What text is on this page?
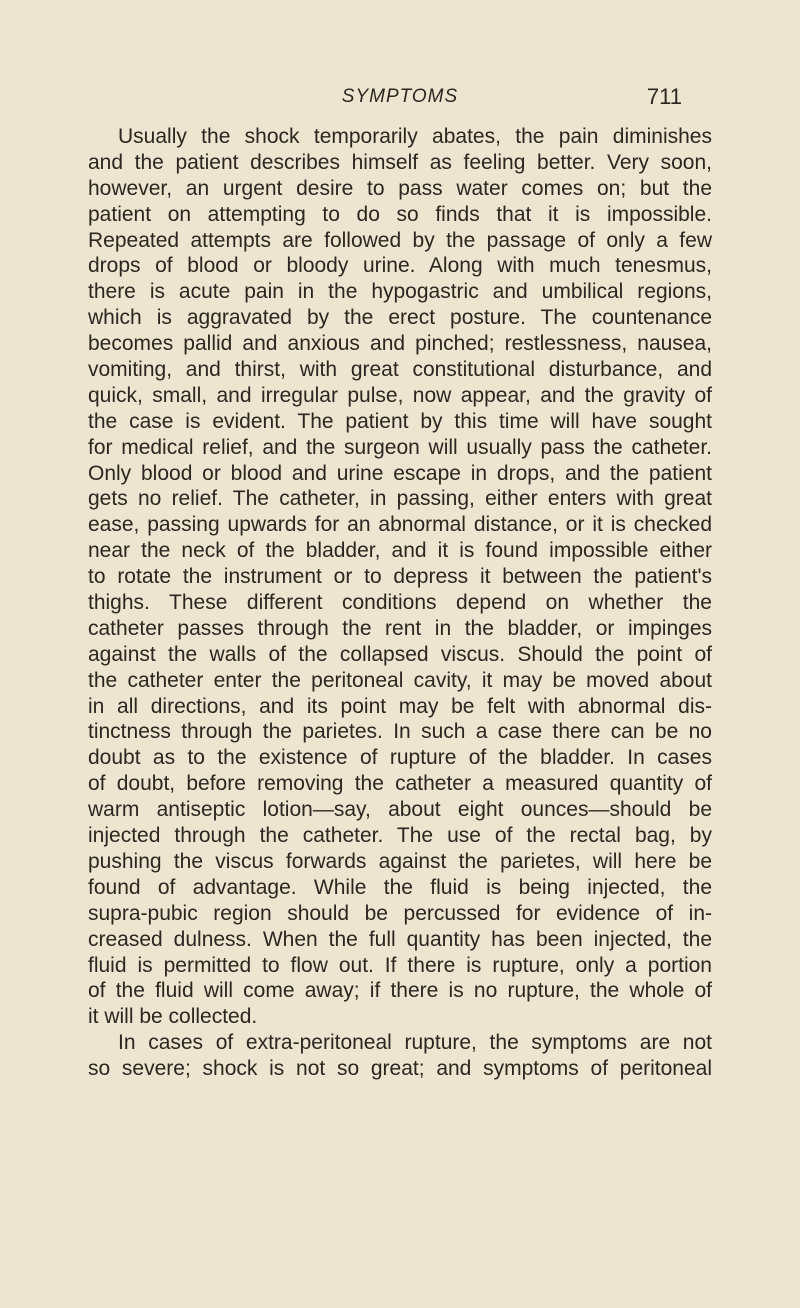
SYMPTOMS	711
Usually the shock temporarily abates, the pain diminishes
and the patient describes himself as feeling better. Very soon,
however, an urgent desire to pass water comes on; but the
patient on attempting to do so finds that it is impossible.
Repeated attempts are followed by the passage of only a few
drops of blood or bloody urine. Along with much tenesmus,
there is acute pain in the hypogastric and umbilical regions,
which is aggravated by the erect posture. The countenance
becomes pallid and anxious and pinched; restlessness, nausea,
vomiting, and thirst, with great constitutional disturbance, and
quick, small, and irregular pulse, now appear, and the gravity of
the case is evident. The patient by this time will have sought
for medical relief, and the surgeon will usually pass the catheter.
Only blood or blood and urine escape in drops, and the patient
gets no relief. The catheter, in passing, either enters with great
ease, passing upwards for an abnormal distance, or it is checked
near the neck of the bladder, and it is found impossible either
to rotate the instrument or to depress it between the patient's
thighs. These different conditions depend on whether the
catheter passes through the rent in the bladder, or impinges
against the walls of the collapsed viscus. Should the point of
the catheter enter the peritoneal cavity, it may be moved about
in all directions, and its point may be felt with abnormal dis-
tinctness through the parietes. In such a case there can be no
doubt as to the existence of rupture of the bladder. In cases
of doubt, before removing the catheter a measured quantity of
warm antiseptic lotion—say, about eight ounces—should be
injected through the catheter. The use of the rectal bag, by
pushing the viscus forwards against the parietes, will here be
found of advantage. While the fluid is being injected, the
supra-pubic region should be percussed for evidence of in-
creased dulness. When the full quantity has been injected, the
fluid is permitted to flow out. If there is rupture, only a portion
of the fluid will come away; if there is no rupture, the whole of
it will be collected.
In cases of extra-peritoneal rupture, the symptoms are not
so severe; shock is not so great; and symptoms of peritoneal
